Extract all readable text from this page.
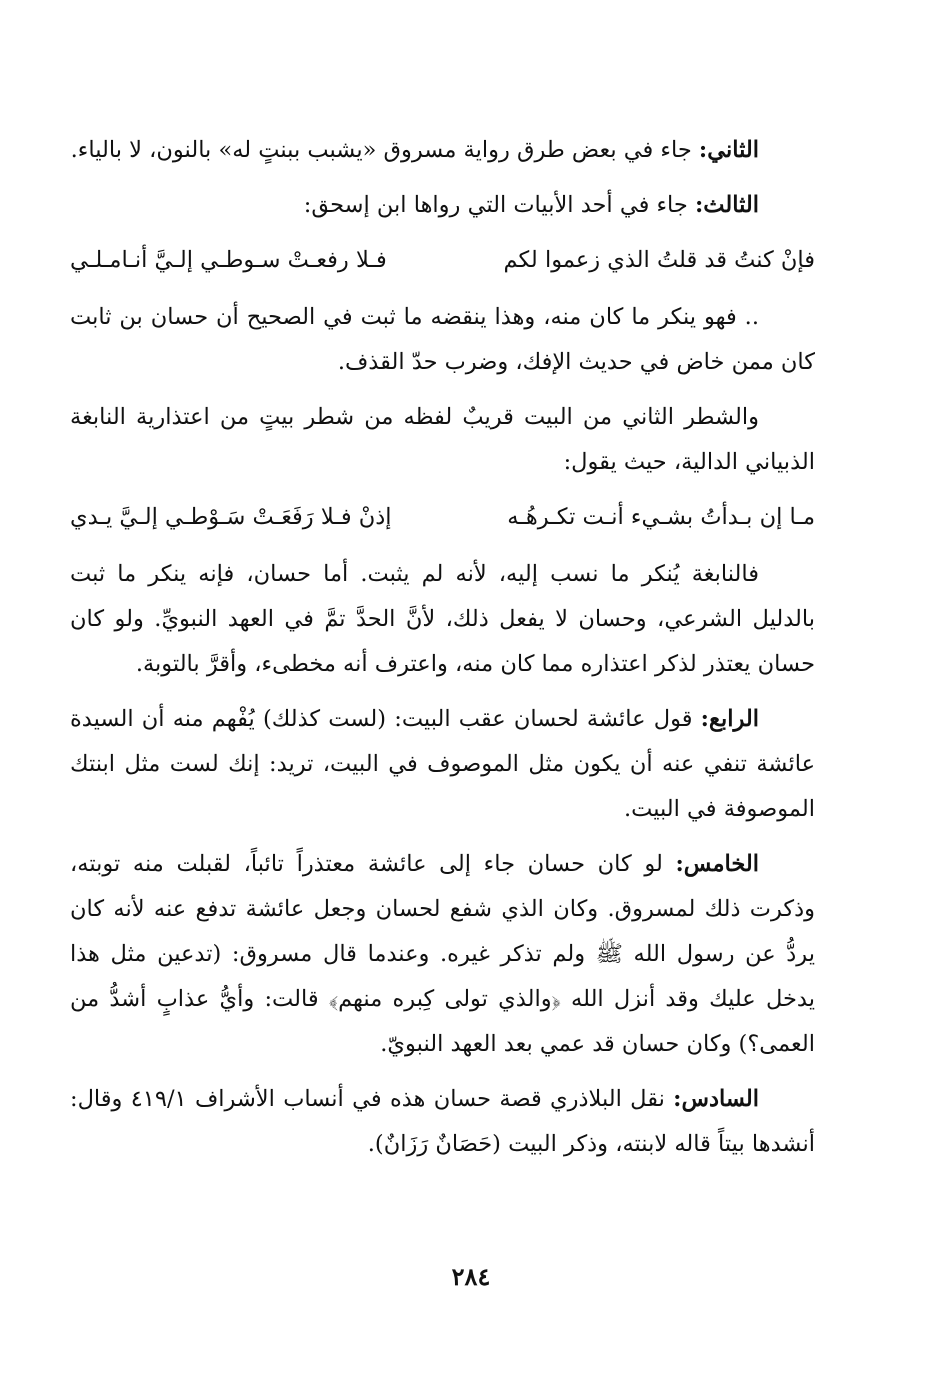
الثاني: جاء في بعض طرق رواية مسروق «يشبب ببنتٍ له» بالنون، لا بالياء.

الثالث: جاء في أحد الأبيات التي رواها ابن إسحق:

فإنْ كنتُ قد قلتُ الذي زعموا لكم
فـلا رفعـتْ سـوطـي إلـيَّ أنـامـلـي

.. فهو ينكر ما كان منه، وهذا ينقضه ما ثبت في الصحيح أن حسان بن ثابت كان ممن خاض في حديث الإفك، وضرب حدّ القذف.

والشطر الثاني من البيت قريبٌ لفظه من شطر بيتٍ من اعتذارية النابغة الذبياني الدالية، حيث يقول:

مـا إن بـدأتُ بشـيء أنـت تكـرهُـه
إذنْ فـلا رَفَعَـتْ سَـوْطـي إلـيَّ يـدي

فالنابغة يُنكر ما نسب إليه، لأنه لم يثبت. أما حسان، فإنه ينكر ما ثبت بالدليل الشرعي، وحسان لا يفعل ذلك، لأنَّ الحدَّ تمَّ في العهد النبويِّ. ولو كان حسان يعتذر لذكر اعتذاره مما كان منه، واعترف أنه مخطىء، وأقرَّ بالتوبة.

الرابع: قول عائشة لحسان عقب البيت: (لست كذلك) يُفْهم منه أن السيدة عائشة تنفي عنه أن يكون مثل الموصوف في البيت، تريد: إنك لست مثل ابنتك الموصوفة في البيت.

الخامس: لو كان حسان جاء إلى عائشة معتذراً تائباً، لقبلت منه توبته، وذكرت ذلك لمسروق. وكان الذي شفع لحسان وجعل عائشة تدفع عنه لأنه كان يردُّ عن رسول الله ﷺ ولم تذكر غيره. وعندما قال مسروق: (تدعين مثل هذا يدخل عليك وقد أنزل الله ﴿والذي تولى كِبره منهم﴾ قالت: وأيُّ عذابٍ أشدُّ من العمى؟) وكان حسان قد عمي بعد العهد النبويّ.

السادس: نقل البلاذري قصة حسان هذه في أنساب الأشراف ٤١٩/١ وقال: أنشدها بيتاً قاله لابنته، وذكر البيت (حَصَانٌ رَزَانٌ).

٢٨٤
